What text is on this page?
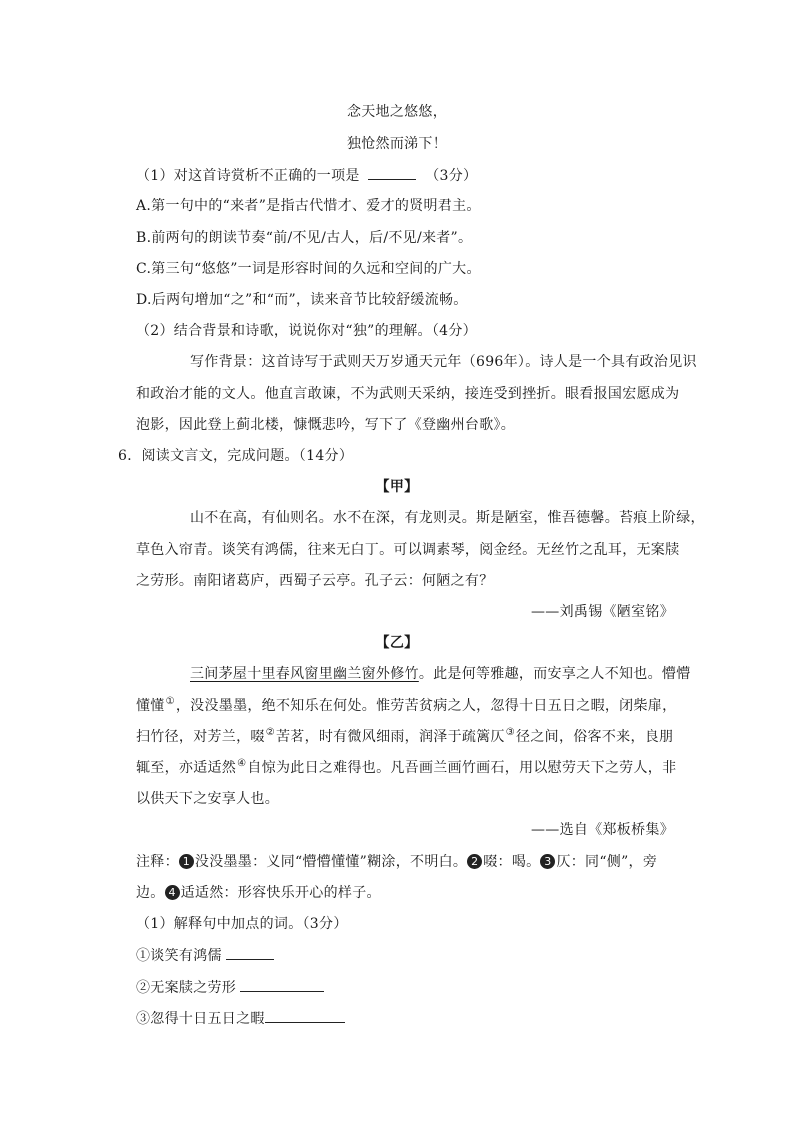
念天地之悠悠，
独怆然而涕下！
（1）对这首诗赏析不正确的一项是	（3分）
A.第一句中的“来者”是指古代惜才、爱才的贤明君主。
B.前两句的朗读节奏“前/不见/古人，后/不见/来者”。
C.第三句“悠悠”一词是形容时间的久远和空间的广大。
D.后两句增加“之”和“而”，读来音节比较舒缓流畅。
（2）结合背景和诗歌，说说你对“独”的理解。（4分）
写作背景：这首诗写于武则天万岁通天元年（696年）。诗人是一个具有政治见识
和政治才能的文人。他直言敢谏，不为武则天采纳，接连受到挫折。眼看报国宏愿成为
泡影，因此登上蓟北楼，慷慨悲吟，写下了《登幽州台歌》。
6．阅读文言文，完成问题。（14分）
【甲】
山不在高，有仙则名。水不在深，有龙则灵。斯是陋室，惟吾德馨。苔痕上阶绿，
草色入帘青。谈笑有鸿儒，往来无白丁。可以调素琴，阅金经。无丝竹之乱耳，无案牍
之劳形。南阳诸葛庐，西蜀子云亭。孔子云：何陋之有？
——刘禹锡《陋室铭》
【乙】
三间茅屋十里春风窗里幽兰窗外修竹。此是何等雅趣，而安享之人不知也。懵懵
懂懂①，没没墨墨，绝不知乐在何处。惟劳苦贫病之人，忽得十日五日之暇，闭柴扉，
扫竹径，对芳兰，啜②苦茗，时有微风细雨，润泽于疏篱仄③径之间，俗客不来，良朋
辄至，亦适适然④自惊为此日之难得也。凡吾画兰画竹画石，用以慰劳天下之劳人，非
以供天下之安享人也。
——选自《郑板桥集》
注释： 1 没没墨墨：义同“懵懵懂懂”糊涂，不明白。 2 啜：喝。 3 仄：同“侧”，旁
边。 4 适适然：形容快乐开心的样子。
（1）解释句中加点的词。（3分）
①谈笑有鸿儒
②无案牍之劳形
③忽得十日五日之暇
